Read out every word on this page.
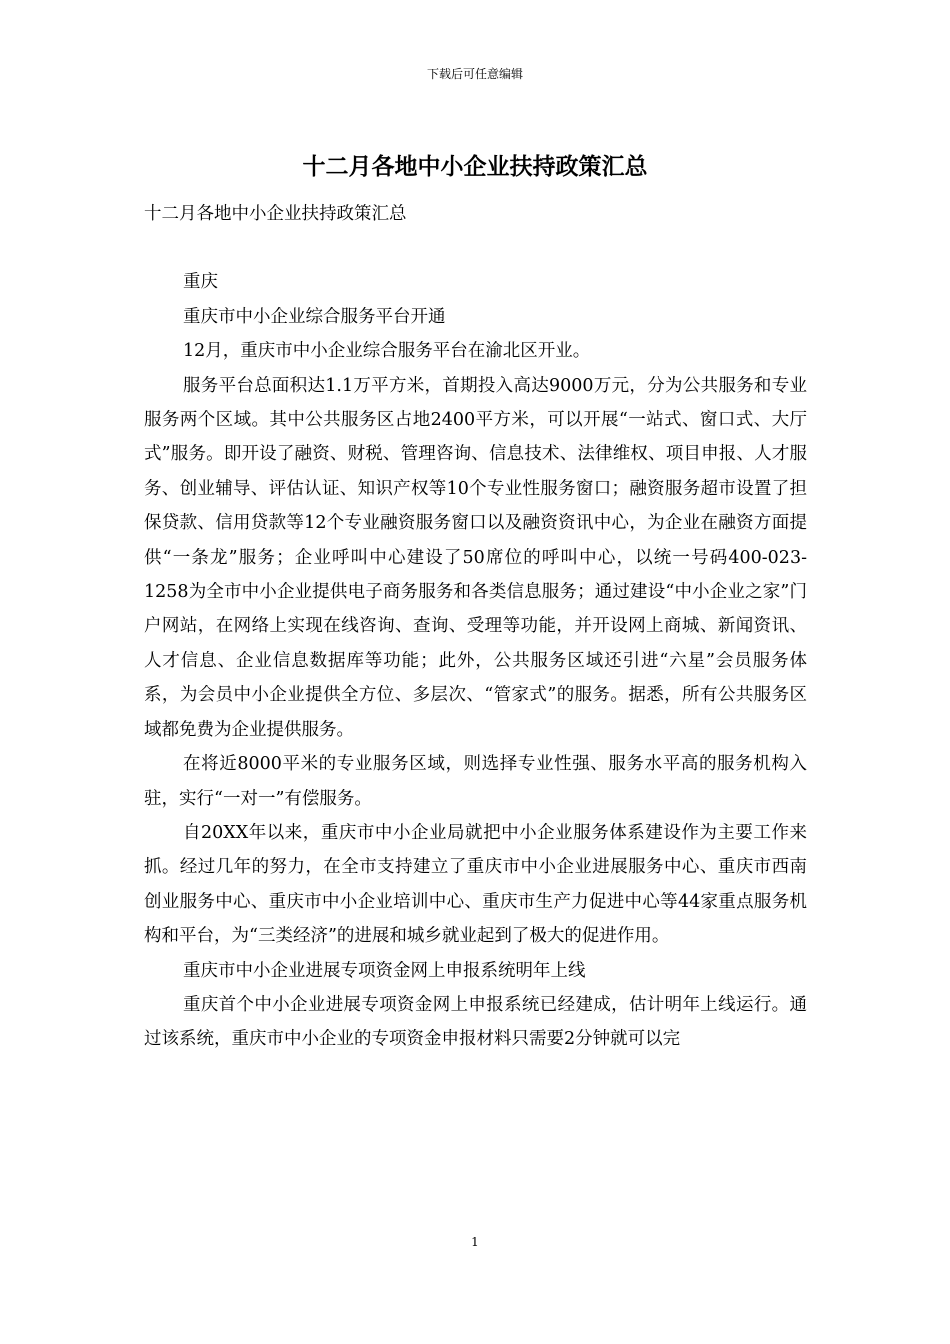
下载后可任意编辑
十二月各地中小企业扶持政策汇总

十二月各地中小企业扶持政策汇总

重庆

重庆市中小企业综合服务平台开通

12月，重庆市中小企业综合服务平台在渝北区开业。

服务平台总面积达1.1万平方米，首期投入高达9000万元，分为公共服务和专业服务两个区域。其中公共服务区占地2400平方米，可以开展“一站式、窗口式、大厅式”服务。即开设了融资、财税、管理咨询、信息技术、法律维权、项目申报、人才服务、创业辅导、评估认证、知识产权等10个专业性服务窗口；融资服务超市设置了担保贷款、信用贷款等12个专业融资服务窗口以及融资资讯中心，为企业在融资方面提供“一条龙”服务；企业呼叫中心建设了50席位的呼叫中心，以统一号码400-023-1258为全市中小企业提供电子商务服务和各类信息服务；通过建设“中小企业之家”门户网站，在网络上实现在线咨询、查询、受理等功能，并开设网上商城、新闻资讯、人才信息、企业信息数据库等功能；此外，公共服务区域还引进“六星”会员服务体系，为会员中小企业提供全方位、多层次、“管家式”的服务。据悉，所有公共服务区域都免费为企业提供服务。

在将近8000平米的专业服务区域，则选择专业性强、服务水平高的服务机构入驻，实行“一对一”有偿服务。

自20XX年以来，重庆市中小企业局就把中小企业服务体系建设作为主要工作来抓。经过几年的努力，在全市支持建立了重庆市中小企业进展服务中心、重庆市西南创业服务中心、重庆市中小企业培训中心、重庆市生产力促进中心等44家重点服务机构和平台，为“三类经济”的进展和城乡就业起到了极大的促进作用。

重庆市中小企业进展专项资金网上申报系统明年上线

重庆首个中小企业进展专项资金网上申报系统已经建成，估计明年上线运行。通过该系统，重庆市中小企业的专项资金申报材料只需要2分钟就可以完

1
